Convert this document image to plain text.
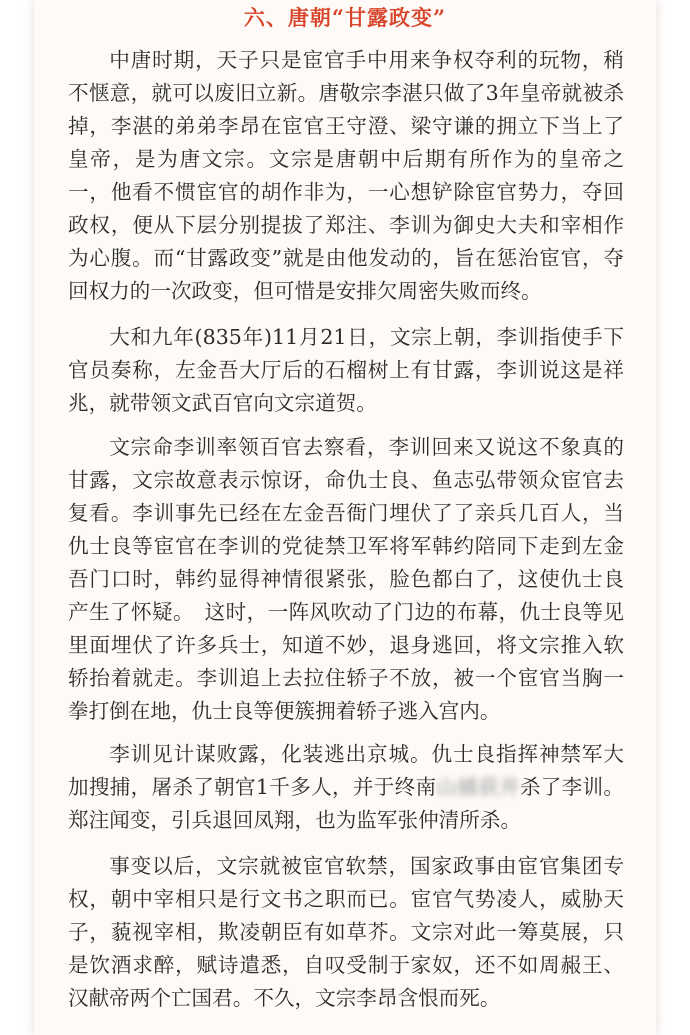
六、唐朝“甘露政变”

中唐时期，天子只是宦官手中用来争权夺利的玩物，稍不惬意，就可以废旧立新。唐敬宗李湛只做了3年皇帝就被杀掉，李湛的弟弟李昂在宦官王守澄、梁守谦的拥立下当上了皇帝，是为唐文宗。文宗是唐朝中后期有所作为的皇帝之一，他看不惯宦官的胡作非为，一心想铲除宦官势力，夺回政权，便从下层分别提拔了郑注、李训为御史大夫和宰相作为心腹。而“甘露政变”就是由他发动的，旨在惩治宦官，夺回权力的一次政变，但可惜是安排欠周密失败而终。

大和九年(835年)11月21日，文宗上朝，李训指使手下官员奏称，左金吾大厅后的石榴树上有甘露，李训说这是祥兆，就带领文武百官向文宗道贺。

文宗命李训率领百官去察看，李训回来又说这不象真的甘露，文宗故意表示惊讶，命仇士良、鱼志弘带领众宦官去复看。李训事先已经在左金吾衙门埋伏了了亲兵几百人，当仇士良等宦官在李训的党徒禁卫军将军韩约陪同下走到左金吾门口时，韩约显得神情很紧张，脸色都白了，这使仇士良产生了怀疑。　这时，一阵风吹动了门边的布幕，仇士良等见里面埋伏了许多兵士，知道不妙，退身逃回，将文宗推入软轿抬着就走。李训追上去拉住轿子不放，被一个宦官当胸一拳打倒在地，仇士良等便簇拥着轿子逃入宫内。

李训见计谋败露，化装逃出京城。仇士良指挥神禁军大加搜捕，屠杀了朝官1千多人，并于终南山捕获并杀了李训。郑注闻变，引兵退回凤翔，也为监军张仲清所杀。

事变以后，文宗就被宦官软禁，国家政事由宦官集团专权，朝中宰相只是行文书之职而已。宦官气势凌人，威胁天子，藐视宰相，欺凌朝臣有如草芥。文宗对此一筹莫展，只是饮酒求醉，赋诗遣悉，自叹受制于家奴，还不如周赧王、汉献帝两个亡国君。不久，文宗李昂含恨而死。
